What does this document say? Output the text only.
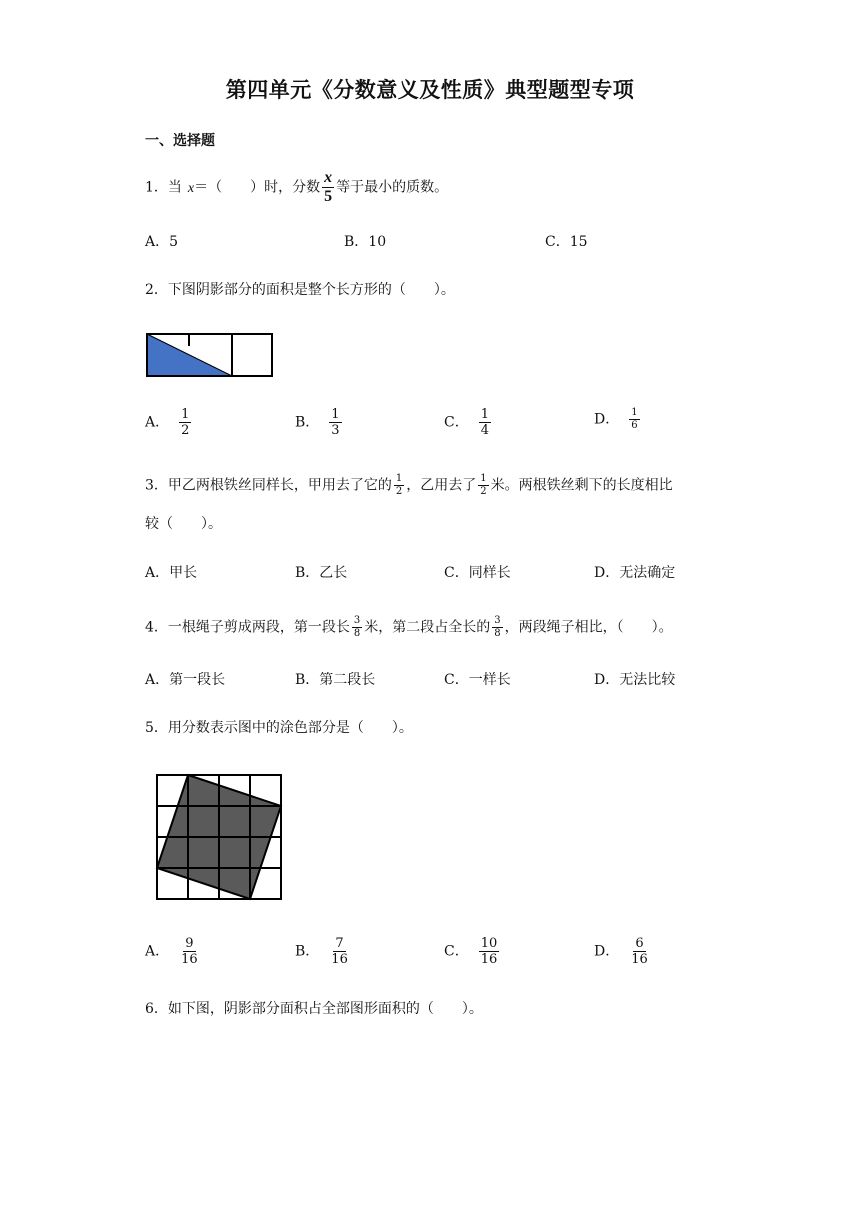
第四单元《分数意义及性质》典型题型专项
一、选择题
1．当 x＝（　　）时，分数 $\frac{x}{5}$ 等于最小的质数。
A．5	B．10	C．15
2．下图阴影部分的面积是整个长方形的（　　）。
A． $\frac{1}{2}$	B． $\frac{1}{3}$	C． $\frac{1}{4}$	D． $\frac{1}{6}$
3．甲乙两根铁丝同样长，甲用去了它的 $\frac{1}{2}$ ，乙用去了 $\frac{1}{2}$ 米。两根铁丝剩下的长度相比
较（　　）。
A．甲长	B．乙长	C．同样长	D．无法确定
4．一根绳子剪成两段，第一段长 $\frac{3}{8}$ 米，第二段占全长的 $\frac{3}{8}$ ，两段绳子相比，（　　）。
A．第一段长	B．第二段长	C．一样长	D．无法比较
5．用分数表示图中的涂色部分是（　　）。
A． $\frac{9}{16}$	B． $\frac{7}{16}$	C． $\frac{10}{16}$	D． $\frac{6}{16}$
6．如下图，阴影部分面积占全部图形面积的（　　）。
